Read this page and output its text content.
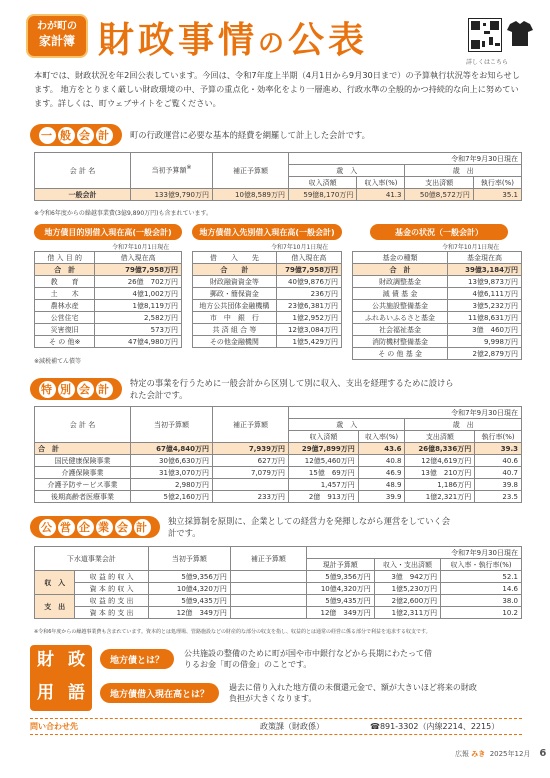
わが町の
家計簿 財政事情の公表
詳しくはこちら
本町では、財政状況を年2回公表しています。今回は、令和7年度上半期（4月1日から9月30日まで）の予算執行状況等をお知らせします。 地方をとりまく厳しい財政環境の中、予算の重点化・効率化をより一層進め、行政水準の全般的かつ持続的な向上に努めています。詳しくは、町ウェブサイトをご覧ください。
一 般 会 計 町の行政運営に必要な基本的経費を網羅して計上した会計です。
会 計 名	当初予算額※	補正予算額	令和7年9月30日現在			
			歳　入		歳　出	
			収入済額	収入率(%)	支出済額	執行率(%)
一般会計	133億9,790万円	10億8,589万円	59億8,170万円	41.3	50億8,572万円	35.1
※令和6年度からの繰越事業費(3億9,890万円)も含まれています。
地方債目的別借入現在高(一般会計)
令和7年10月1日現在
借 入 目 的	借入現在高
合　計	79億7,958万円
教　　育	26億　702万円
土　　木	4億1,002万円
農林水産	1億8,119万円
公営住宅	2,582万円
災害復旧	573万円
そ の 他※	47億4,980万円
※減税補てん債等
地方債借入先別借入現在高(一般会計)
令和7年10月1日現在
借　　入　　先	借入現在高
合　　計	79億7,958万円
財政融資資金等	40億9,876万円
郵政・簡保資金	236万円
地方公共団体金融機構	23億6,381万円
市　中　銀　行	1億2,952万円
共 済 組 合 等	12億3,084万円
その他金融機関	1億5,429万円
基金の状況（一般会計）
令和7年10月1日現在
基金の種類	基金現在高
合　計	39億3,184万円
財政調整基金	13億9,873万円
減 債 基 金	4億6,111万円
公共施設整備基金	3億5,232万円
ふれあいふるさと基金	11億8,631万円
社会福祉基金	3億　460万円
消防機材整備基金	9,998万円
そ の 他 基 金	2億2,879万円
特 別 会 計 特定の事業を行うために一般会計から区別して別に収入、支出を経理するために設けられた会計です。
会 計 名	当初予算額	補正予算額	令和7年9月30日現在			
			歳　入		歳　出	
			収入済額	収入率(%)	支出済額	執行率(%)
合　計	67億4,840万円	7,939万円	29億7,899万円	43.6	26億8,336万円	39.3
国民健康保険事業	30億6,630万円	627万円	12億5,460万円	40.8	12億4,619万円	40.6
介護保険事業	31億3,070万円	7,079万円	15億　69万円	46.9	13億　210万円	40.7
介護予防サービス事業	2,980万円		1,457万円	48.9	1,186万円	39.8
後期高齢者医療事業	5億2,160万円	233万円	2億　913万円	39.9	1億2,321万円	23.5
公 営 企 業 会 計 独立採算制を原則に、企業としての経営力を発揮しながら運営をしていく会計です。
下水道事業会計		当初予算額	補正予算額	令和7年9月30日現在		
				現計予算額	収入・支出済額	収入率・執行率(%)
収　入	収 益 的 収 入	5億9,356万円		5億9,356万円	3億　942万円	52.1
	資 本 的 収 入	10億4,320万円		10億4,320万円	1億5,230万円	14.6
支　出	収 益 的 支 出	5億9,435万円		5億9,435万円	2億2,600万円	38.0
	資 本 的 支 出	12億　349万円		12億　349万円	1億2,311万円	10.2
※令和6年度からの繰越事業費も含まれています。資本的とは処理場、管路施設などの財産的な部分の収支を指し、収益的とは通常の経営に係る部分で利益を追求する収支です。
財 政
用 語
地方債とは？
公共施設の整備のために町が国や市中銀行などから長期にわたって借りるお金「町の借金」のことです。
地方債借入現在高とは？
過去に借り入れた地方債の未償還元金で、額が大きいほど将来の財政負担が大きくなります。
問い合わせ先	政策課（財政係）	☎891-3302（内線2214、2215）
広報 みき 2025年12月 6
